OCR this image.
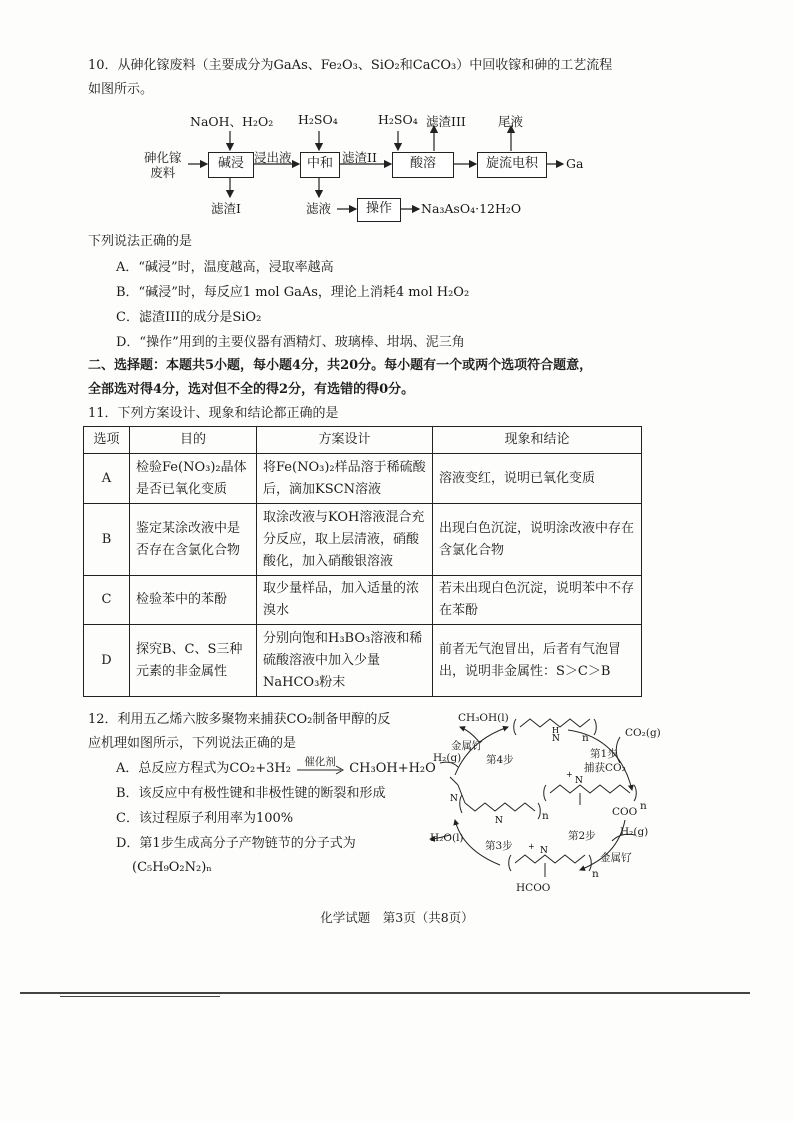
10．从砷化镓废料（主要成分为GaAs、Fe₂O₃、SiO₂和CaCO₃）中回收镓和砷的工艺流程
如图所示。
砷化镓
废料
NaOH、H₂O₂
碱浸
滤渣I
浸出液
H₂SO₄
中和
滤液	操作	Na₃AsO₄·12H₂O
滤渣II
H₂SO₄ 滤渣III
酸溶
尾液
旋流电积	Ga
下列说法正确的是
A．“碱浸”时，温度越高，浸取率越高
B．“碱浸”时，每反应1 mol GaAs，理论上消耗4 mol H₂O₂
C．滤渣III的成分是SiO₂
D．“操作”用到的主要仪器有酒精灯、玻璃棒、坩埚、泥三角
二、选择题：本题共5小题，每小题4分，共20分。每小题有一个或两个选项符合题意，
全部选对得4分，选对但不全的得2分，有选错的得0分。
11．下列方案设计、现象和结论都正确的是
选项	目的	方案设计	现象和结论
A	检验Fe(NO₃)₂晶体是否已氧化变质	将Fe(NO₃)₂样品溶于稀硫酸后，滴加KSCN溶液	溶液变红，说明已氧化变质
B	鉴定某涂改液中是否存在含氯化合物	取涂改液与KOH溶液混合充分反应，取上层清液，硝酸酸化，加入硝酸银溶液	出现白色沉淀，说明涂改液中存在含氯化合物
C	检验苯中的苯酚	取少量样品，加入适量的浓溴水	若未出现白色沉淀，说明苯中不存在苯酚
D	探究B、C、S三种元素的非金属性	分别向饱和H₃BO₃溶液和稀硫酸溶液中加入少量NaHCO₃粉末	前者无气泡冒出，后者有气泡冒出，说明非金属性：S＞C＞B
12．利用五乙烯六胺多聚物来捕获CO₂制备甲醇的反
应机理如图所示，下列说法正确的是
A．总反应方程式为CO₂+3H₂	催化剂	CH₃OH+H₂O
B．该反应中有极性键和非极性键的断裂和形成
C．该过程原子利用率为100%
D．第1步生成高分子产物链节的分子式为
(C₅H₉O₂N₂)ₙ
N
H
N
+
N
N
N
+
CH₃OH(l)
金属钌
H₂(g) 第4步
CO₂(g)
第1步
捕获CO₂
H₂O(l)
第3步
第2步 H₂(g)
金属钌
COO
HCOO
n
n
n
n
化学试题　第3页（共8页）
